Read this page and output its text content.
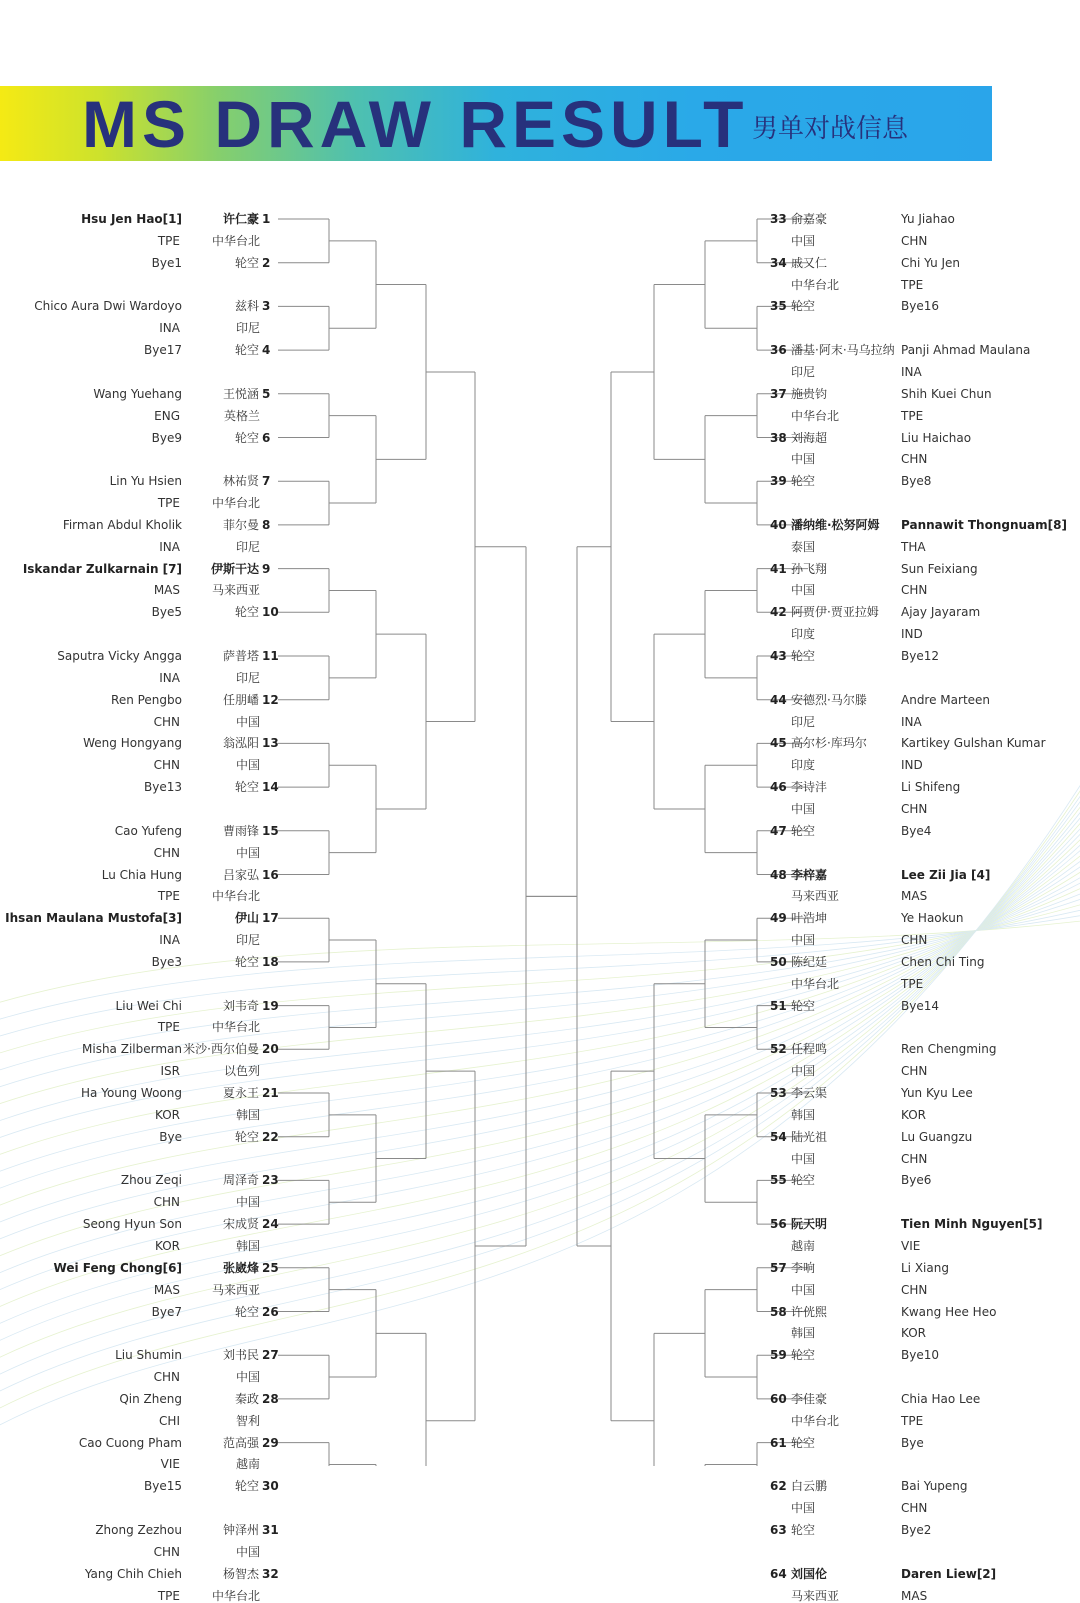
MS DRAW RESULT 男单对战信息
Hsu Jen Hao[1]	许仁豪 1
TPE	中华台北
Bye1	轮空 2
Chico Aura Dwi Wardoyo	兹科 3
INA	印尼
Bye17	轮空 4
Wang Yuehang	王悦涵 5
ENG	英格兰
Bye9	轮空 6
Lin Yu Hsien	林祐贤 7
TPE	中华台北
Firman Abdul Kholik	菲尔曼 8
INA	印尼
Iskandar Zulkarnain [7] 伊斯干达 9
MAS	马来西亚
Bye5	轮空 10
Saputra Vicky Angga	萨普塔 11
INA	印尼
Ren Pengbo	任朋嶓 12
CHN	中国
Weng Hongyang	翁泓阳 13
CHN	中国
Bye13	轮空 14
Cao Yufeng	曹雨锋 15
CHN	中国
Lu Chia Hung	吕家弘 16
TPE	中华台北
Ihsan Maulana Mustofa[3]	伊山 17
INA	印尼
Bye3	轮空 18
Liu Wei Chi	刘韦奇 19
TPE	中华台北
Misha Zilberman 米沙·西尔伯曼 20
ISR	以色列
Ha Young Woong	夏永王 21
KOR	韩国
Bye	轮空 22
Zhou Zeqi	周泽奇 23
CHN	中国
Seong Hyun Son	宋成贤 24
KOR	韩国
Wei Feng Chong[6]	张崴烽 25
MAS	马来西亚
Bye7	轮空 26
Liu Shumin	刘书民 27
CHN	中国
Qin Zheng	秦政 28
CHI	智利
Cao Cuong Pham	范高强 29
VIE	越南
Bye15	轮空 30
Zhong Zezhou	钟泽州 31
CHN	中国
Yang Chih Chieh	杨智杰 32
TPE	中华台北
33 俞嘉豪	Yu Jiahao
中国	CHN
34 戚又仁	Chi Yu Jen
中华台北	TPE
35 轮空	Bye16
36 潘基·阿末·马乌拉纳 Panji Ahmad Maulana
印尼	INA
37 施贵钧	Shih Kuei Chun
中华台北	TPE
38 刘海超	Liu Haichao
中国	CHN
39 轮空	Bye8
40 潘纳维·松努阿姆 Pannawit Thongnuam[8]
泰国	THA
41 孙飞翔	Sun Feixiang
中国	CHN
42 阿贾伊·贾亚拉姆 Ajay Jayaram
印度	IND
43 轮空	Bye12
44 安德烈·马尔滕	Andre Marteen
印尼	INA
45 高尔杉·库玛尔	Kartikey Gulshan Kumar
印度	IND
46 李诗沣	Li Shifeng
中国	CHN
47 轮空	Bye4
48 李梓嘉	Lee Zii Jia [4]
马来西亚	MAS
49 叶浩坤	Ye Haokun
中国	CHN
50 陈纪廷	Chen Chi Ting
中华台北	TPE
51 轮空	Bye14
52 任程鸣	Ren Chengming
中国	CHN
53 李云渠	Yun Kyu Lee
韩国	KOR
54 陆光祖	Lu Guangzu
中国	CHN
55 轮空	Bye6
56 阮天明	Tien Minh Nguyen[5]
越南	VIE
57 李响	Li Xiang
中国	CHN
58 许侊熙	Kwang Hee Heo
韩国	KOR
59 轮空	Bye10
60 李佳豪	Chia Hao Lee
中华台北	TPE
61 轮空	Bye
62 白云鹏	Bai Yupeng
中国	CHN
63 轮空	Bye2
64 刘国伦	Daren Liew[2]
马来西亚	MAS
